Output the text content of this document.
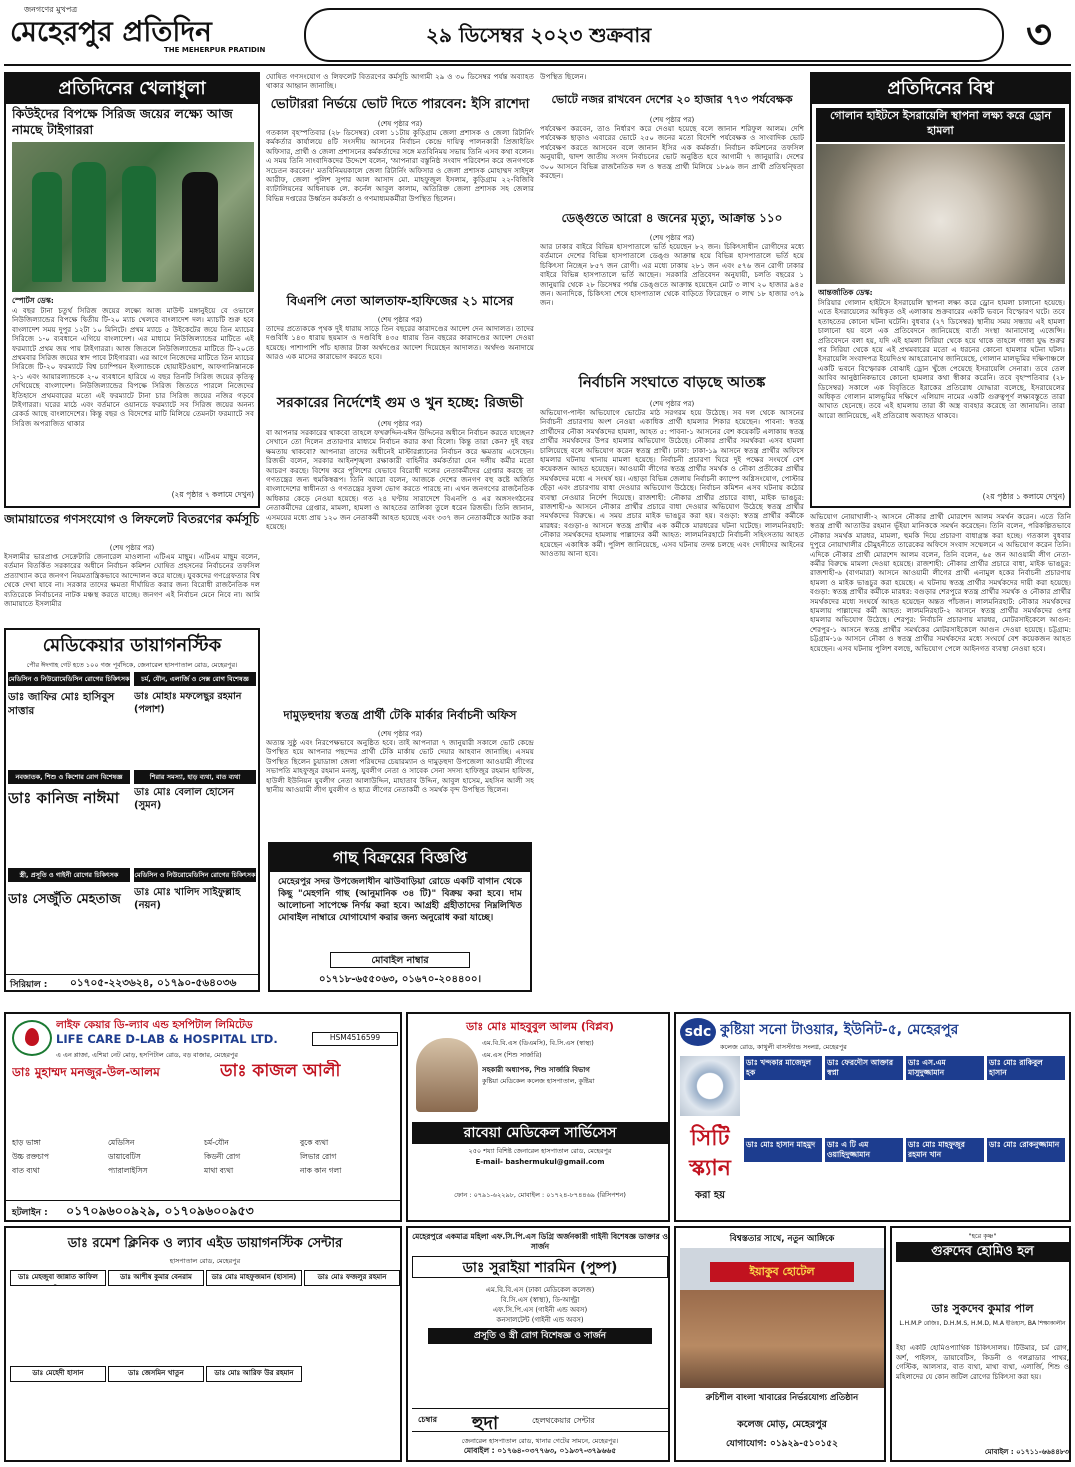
জনগণের মুখপত্র
মেহেরপুর প্রতিদিন
THE MEHERPUR PRATIDIN
২৯ ডিসেম্বর ২০২৩ শুক্রবার	৩
প্রতিদিনের খেলাধুলা
কিউইদের বিপক্ষে সিরিজ জয়ের লক্ষ্যে আজ নামছে টাইগাররা
স্পোর্টস ডেস্ক:
এ বছর টানা চতুর্থ সিরিজ জয়ের লক্ষ্যে আজ মাউন্ট মঙ্গানুইয়ে বে ওভালে নিউজিল্যান্ডের বিপক্ষে দ্বিতীয় টি-২০ ম্যাচ খেলবে বাংলাদেশ দল। ম্যাচটি শুরু হবে বাংলাদেশ সময় দুপুর ১২টা ১০ মিনিটে। প্রথম ম্যাচে ৫ উইকেটের জয়ে তিন ম্যাচের সিরিজে ১-০ ব্যবধানে এগিয়ে বাংলাদেশ। এর মাধ্যমে নিউজিল্যান্ডের মাটিতে এই ফরম্যাটে প্রথম জয় পায় টাইগাররা। আজ জিতলে নিউজিল্যান্ডের মাটিতে টি-২০তে প্রথমবার সিরিজ জয়ের স্বাদ পাবে টাইগাররা। এর আগে নিজেদের মাটিতে তিন ম্যাচের সিরিজে টি-২০ ফরম্যাটে বিশ্ব চ্যাম্পিয়ন ইংল্যান্ডকে হোয়াইটওয়াশ, আফগানিস্তানকে ২-১ এবং আয়ারল্যান্ডকে ২-০ ব্যবধানে হারিয়ে এ বছর তিনটি সিরিজ জয়ের কৃতিত্ব দেখিয়েছে বাংলাদেশ। নিউজিল্যান্ডের বিপক্ষে সিরিজ জিততে পারলে নিজেদের ইতিহাসে প্রথমবারের মতো এই ফরম্যাটে টানা চার সিরিজ জয়ের নজির গড়বে টাইগাররা। ঘরের মাঠে এবং বর্তমানে ওয়ানডে ফরম্যাটে সব সিরিজ জয়ের অনন্য রেকর্ড আছে বাংলাদেশের। কিন্তু বছর ও বিদেশের মাটি মিলিয়ে তেমনটা ফরম্যাটে সব সিরিজ অপরাজিত থাকার
(২য় পৃষ্ঠার ৭ কলামে দেখুন)
জামায়াতের গণসংযোগ ও লিফলেট বিতরণের কর্মসূচি
(শেষ পৃষ্ঠার পর)
ইসলামীর ভারপ্রাপ্ত সেক্রেটারি জেনারেল মাওলানা এটিএম মাছুম। এটিএম মাছুম বলেন, বর্তমান বিতর্কিত সরকারের অধীনে নির্বাচন কমিশন ঘোষিত প্রহসনের নির্বাচনের তফসিল প্রত্যাখ্যান করে জনগণ নিয়মতান্ত্রিকভাবে আন্দোলন করে যাচ্ছে। যুবকদের গণগ্রেফতার বিশ্ব থেকে দেখা যাবে না। সরকার তাদের ক্ষমতা দীর্ঘায়িত করার জন্য বিরোধী রাজনৈতিক দল ব্যতিরেকে নির্বাচনের নাটক মঞ্চস্থ করতে যাচ্ছে। জনগণ এই নির্বাচন মেনে নিবে না। আমি জামায়াতে ইসলামীর
মেডিকেয়ার ডায়াগনস্টিক
পৌর ঈদগাহ গেট হতে ১০০ গজ পূর্বদিকে, জেনারেল হাসপাতাল রোড, মেহেরপুর।
মেডিসিন ও নিউরোমেডিসিন রোগের চিকিৎসক	চর্ম, যৌন, এলার্জি ও সেক্স রোগ বিশেষজ্ঞ
ডাঃ জাফির মোঃ হাসিবুস সাত্তার
ডাঃ মোহাঃ মফলেছুর রহমান (পলাশ)
নবজাতক, শিশু ও কিশোর রোগ বিশেষজ্ঞ	শিরার সমস্যা, হাড় ব্যথা, বাত ব্যথা
ডাঃ কানিজ নাঈমা	ডাঃ মোঃ বেলাল হোসেন (সুমন)
স্ত্রী, প্রসূতি ও গাইনী রোগের চিকিৎসক	মেডিসিন ও নিউরোমেডিসিন রোগের চিকিৎসক
ডাঃ সেজুঁতি মেহতাজ	ডাঃ মোঃ খালিদ সাইফুল্লাহ (নয়ন)
সিরিয়াল : ০১৭০৫-২২৩৬২৪, ০১৭৯০-৫৬৪০৩৬
ঘোষিত গণসংযোগ ও লিফলেট বিতরণের কর্মসূচি আগামী ২৯ ও ৩০ ডিসেম্বর পর্যন্ত অব্যাহত থাকার আহ্বান জানাচ্ছি।
ভোটাররা নির্ভয়ে ভোট দিতে পারবেন: ইসি রাশেদা
(শেষ পৃষ্ঠার পর)
গতকাল বৃহস্পতিবার (২৮ ডিসেম্বর) বেলা ১১টায় কুড়িগ্রাম জেলা প্রশাসক ও জেলা রিটার্নিং কর্মকর্তার কার্যালয়ে ৪টি সংসদীয় আসনের নির্বাচন কেন্দ্রে দায়িত্ব পালনকারী প্রিজাইডিং অফিসার, প্রার্থী ও জেলা প্রশাসনের কর্মকর্তাদের সঙ্গে মতবিনিময় সভায় তিনি এসব কথা বলেন। এ সময় তিনি সাংবাদিকদের উদ্দেশে বলেন, 'আপনারা বস্তুনিষ্ঠ সংবাদ পরিবেশন করে জনগণকে সচেতন করবেন।' মতবিনিময়কালে জেলা রিটার্নিং অফিসার ও জেলা প্রশাসক মোহাম্মদ সাইদুল আরীফ, জেলা পুলিশ সুপার আল আসাদ মো. মাহফুজুল ইসলাম, কুড়িগ্রাম ২২-বিজিবি ব্যাটালিয়নের অধিনায়ক লে. কর্নেল আবুল কালাম, অতিরিক্ত জেলা প্রশাসক সহ জেলার বিভিন্ন দপ্তরের উর্ধ্বতন কর্মকর্তা ও গণমাধ্যমকর্মীরা উপস্থিত ছিলেন।
বিএনপি নেতা আলতাফ-হাফিজের ২১ মাসের
(শেষ পৃষ্ঠার পর)
তাদের প্রত্যেককে পৃথক দুই ধারায় সাড়ে তিন বছরের কারাদণ্ডের আদেশ দেন আদালত। তাদের দণ্ডবিধি ১৪৩ ধারায় ছয়মাস ও দণ্ডবিধি ৪৩৫ ধারায় তিন বছরের কারাদণ্ডের আদেশ দেওয়া হয়েছে। পাশাপাশি পাঁচ হাজার টাকা অর্থদণ্ডের আদেশ দিয়েছেন আদালত। অর্থদণ্ড অনাদায়ে আরও এক মাসের কারাভোগ করতে হবে।
সরকারের নির্দেশেই গুম ও খুন হচ্ছে: রিজভী
(শেষ পৃষ্ঠার পর)
বা আপনার সরকারের থাকবো তাহলে ফখরুদ্দিন-মঈন উদ্দিনের অধীনে নির্বাচন করতে যাচ্ছেন? সেখানে তো দিলেন প্রতারণার মাধ্যমে নির্বাচন করার কথা বিলো। কিন্তু তারা কেন? দুই বছর ক্ষমতায় থাকবো? আপনারা তাদের অধীনেই মাস্টারপ্ল্যানের নির্বাচন করে ক্ষমতায় এসেছেন। রিজভী বলেন, সরকার আইনশৃঙ্খলা রক্ষাকারী বাহিনীর কর্মকর্তারা যেন দলীয় কর্মীর মতো আচরণ করছে। বিশেষ করে পুলিশের যেভাবে বিরোধী দলের নেতাকর্মীদের গ্রেপ্তার করছে তা গণতন্ত্রের জন্য হুমকিস্বরূপ। তিনি আরো বলেন, আজকে দেশের জনগণ বহু কষ্টে অর্জিত বাংলাদেশের স্বাধীনতা ও গণতন্ত্রের সুফল ভোগ করতে পারছে না। এখন জনগণের রাজনৈতিক অধিকার কেড়ে নেওয়া হয়েছে। গত ২৪ ঘণ্টায় সারাদেশে বিএনপি ও এর অঙ্গসংগঠনের নেতাকর্মীদের গ্রেপ্তার, মামলা, হামলা ও আহতের তালিকা তুলে ধরেন রিজভী। তিনি জানান, এসময়ের মধ্যে প্রায় ১২০ জন নেতাকর্মী আহত হয়েছে এবং ৩৩৭ জন নেতাকর্মীকে আটক করা হয়েছে।
দামুড়হুদায় স্বতন্ত্র প্রার্থী টেকি মার্কার নির্বাচনী অফিস
(শেষ পৃষ্ঠার পর)
অত্যন্ত সুষ্ঠু এবং নিরপেক্ষভাবে অনুষ্ঠিত হবে। তাই আপনারা ৭ জানুয়ারী সকালে ভোট কেন্দ্রে উপস্থিত হয়ে আপনার পছন্দের প্রার্থী টেকি মার্কায় ভোট দেয়ার আহবান জানাচ্ছি। এসময় উপস্থিত ছিলেন চুয়াডাঙ্গা জেলা পরিষদের চেয়ারম্যান ও দামুড়হুদা উপজেলা আওয়ামী লীগের সভাপতি মাহফুজুর রহমান মনজু, যুবলীগ নেতা ও সাবেক সেনা সদস্য হাফিজুর রহমান হাফিজ, হাউলী ইউনিয়ন যুবলীগ নেতা আলাউদ্দিন, মাহাতাব উদ্দিন, আবুল হাসেম, মহসিন আলী সহ স্থানীয় আওয়ামী লীগ যুবলীগ ও ছাত্র লীগের নেতাকর্মী ও সমর্থক বৃন্দ উপস্থিত ছিলেন।
গাছ বিক্রয়ের বিজ্ঞপ্তি
মেহেরপুর সদর উপজেলাধীন ঝাউবাড়িয়া রোডে একটি বাগান থেকে কিছু "মেহগনি গাছ (আনুমানিক ৩৪ টি)" বিক্রয় করা হবে। দাম আলোচনা সাপেক্ষে নির্ণয় করা হবে। আগ্রহী গ্রহীতাদের নিম্নলিখিত মোবাইল নাম্বারে যোগাযোগ করার জন্য অনুরোধ করা যাচ্ছে।
মোবাইল নাম্বার
০১৭১৮-৬৫৫০৬৩, ০১৬৭০-২০৪৪০০।
উপস্থিত ছিলেন।
ভোটে নজর রাখবেন দেশের ২০ হাজার ৭৭৩ পর্যবেক্ষক
(শেষ পৃষ্ঠার পর)
পর্যবেক্ষণ করবেন, তাও নির্ধারণ করে দেওয়া হয়েছে বলে জানান শরিফুল আলম। দেশি পর্যবেক্ষক ছাড়াও এবারের ভোটে ২৫০ জনের মতো বিদেশি পর্যবেক্ষক ও সাংবাদিক ভোট পর্যবেক্ষণ করতে আসবেন বলে জানান ইসির এক কর্মকর্তা। নির্বাচন কমিশনের তফসিল অনুযায়ী, দ্বাদশ জাতীয় সংসদ নির্বাচনের ভোট অনুষ্ঠিত হবে আগামী ৭ জানুয়ারি। দেশের ৩০০ আসনে বিভিন্ন রাজনৈতিক দল ও স্বতন্ত্র প্রার্থী মিলিয়ে ১৮৯৬ জন প্রার্থী প্রতিদ্বন্দ্বিতা করছেন।
ডেঙ্গুতে আরো ৪ জনের মৃত্যু, আক্রান্ত ১১০
(শেষ পৃষ্ঠার পর)
আর ঢাকার বাইরে বিভিন্ন হাসপাতালে ভর্তি হয়েছেন ৮২ জন। চিকিৎসাধীন রোগীদের মধ্যে বর্তমানে দেশের বিভিন্ন হাসপাতালে ডেঙ্গু আক্রান্ত হয়ে বিভিন্ন হাসপাতালে ভর্তি হয়ে চিকিৎসা নিচ্ছেন ৮৫৭ জন রোগী। এর মধ্যে ঢাকায় ২৮১ জন এবং ৫৭৬ জন রোগী ঢাকার বাইরে বিভিন্ন হাসপাতালে ভর্তি আছেন। সরকারি প্রতিবেদন অনুযায়ী, চলতি বছরের ১ জানুয়ারি থেকে ২৮ ডিসেম্বর পর্যন্ত ডেঙ্গুতে আক্রান্ত হয়েছেন মোট ৩ লাখ ২০ হাজার ৯৪৫ জন। অন্যদিকে, চিকিৎসা শেষে হাসপাতাল থেকে বাড়িতে ফিরেছেন ৩ লাখ ১৮ হাজার ৩৭৯ জন।
নির্বাচনি সংঘাতে বাড়ছে আতঙ্ক
(শেষ পৃষ্ঠার পর)
অভিযোগ-পাল্টা অভিযোগে ভোটের মাঠ সরগরম হয়ে উঠেছে। সব দল থেকে আসনের নির্বাচনী প্রচারণায় অংশ নেওয়া একাধিক প্রার্থী হামলার শিকার হয়েছেন। পাবনা: স্বতন্ত্র প্রার্থীদের নৌকা সমর্থকদের হামলা, আহত ৫: পাবনা-১ আসনের বেশ কয়েকটি এলাকায় স্বতন্ত্র প্রার্থীর সমর্থকদের উপর হামলার অভিযোগ উঠেছে। নৌকার প্রার্থীর সমর্থকরা এসব হামলা চালিয়েছে বলে অভিযোগ করেন স্বতন্ত্র প্রার্থী। ঢাকা: ঢাকা-১৯ আসনে স্বতন্ত্র প্রার্থীর অফিসে হামলার ঘটনায় থানায় মামলা হয়েছে। নির্বাচনী প্রচারণা ঘিরে দুই পক্ষের সংঘর্ষে বেশ কয়েকজন আহত হয়েছেন। আওয়ামী লীগের স্বতন্ত্র প্রার্থীর সমর্থক ও নৌকা প্রতীকের প্রার্থীর সমর্থকদের মধ্যে এ সংঘর্ষ হয়। এছাড়া বিভিন্ন জেলায় নির্বাচনী ক্যাম্পে অগ্নিসংযোগ, পোস্টার ছেঁড়া এবং প্রচারণায় বাধা দেওয়ার অভিযোগ উঠেছে। নির্বাচন কমিশন এসব ঘটনায় কঠোর ব্যবস্থা নেওয়ার নির্দেশ দিয়েছে। রাজশাহী: নৌকার প্রার্থীর প্রচারে বাধা, মাইক ভাঙচুর: রাজশাহী-৬ আসনে নৌকার প্রার্থীর প্রচারে বাধা দেওয়ার অভিযোগ উঠেছে স্বতন্ত্র প্রার্থীর সমর্থকদের বিরুদ্ধে। এ সময় প্রচার মাইক ভাঙচুর করা হয়। বগুড়া: স্বতন্ত্র প্রার্থীর কর্মীকে মারধর: বগুড়া-৪ আসনে স্বতন্ত্র প্রার্থীর এক কর্মীকে মারধরের ঘটনা ঘটেছে। লালমনিরহাট: নৌকার সমর্থকদের হামলায় পাল্লাদের কর্মী আহত: লালমনিরহাটে নির্বাচনী সহিংসতায় আহত হয়েছেন একাধিক কর্মী। পুলিশ জানিয়েছে, এসব ঘটনায় তদন্ত চলছে এবং দোষীদের আইনের আওতায় আনা হবে।
প্রতিদিনের বিশ্ব
গোলান হাইটসে ইসরায়েলি স্থাপনা লক্ষ্য করে ড্রোন হামলা
আন্তর্জাতিক ডেস্ক:
সিরিয়ার গোলান হাইটসে ইসরায়েলি স্থাপনা লক্ষ্য করে ড্রোন হামলা চালানো হয়েছে। এতে ইসরায়েলের অধিকৃত ওই এলাকায় শুক্রবারের একটি ভবনে বিস্ফোরণ ঘটে। তবে হতাহতের কোনো ঘটনা ঘটেনি। বুধবার (২৭ ডিসেম্বর) স্থানীয় সময় সন্ধ্যায় এই হামলা চালানো হয় বলে এক প্রতিবেদনে জানিয়েছে বার্তা সংস্থা আনাদোলু এজেন্সি। প্রতিবেদনে বলা হয়, যদি এই হামলা সিরিয়া থেকে হয়ে থাকে তাহলে গাজা যুদ্ধ শুরুর পর সিরিয়া থেকে হয়ে এই প্রথমবারের মতো এ ধরনের কোনো হামলার ঘটনা ঘটল। ইসরায়েলি সংবাদপত্র ইয়েদিওথ আহরোনোথ জানিয়েছে, গোলান মালভূমির দক্ষিণাঞ্চলে একটি ভবনে বিস্ফোরক বোঝাই ড্রোন খুঁজে পেয়েছে ইসরায়েলি সেনারা। তবে তেল আবিব আনুষ্ঠানিকভাবে কোনো হামলার কথা স্বীকার করেনি। তবে বৃহস্পতিবার (২৮ ডিসেম্বর) সকালে এক বিবৃতিতে ইরাকের প্রতিরোধ যোদ্ধারা বলেছে, ইসরায়েলের অধিকৃত গোলান মালভূমির দক্ষিণে এলিয়াদ নামের একটি গুরুত্বপূর্ণ লক্ষ্যবস্তুতে তারা আঘাত হেনেছে। তবে এই হামলায় তারা কী অস্ত্র ব্যবহার করেছে তা জানায়নি। তারা আরো জানিয়েছে, এই প্রতিরোধ অব্যাহত থাকবে।
(২য় পৃষ্ঠার ১ কলামে দেখুন)
অভিযোগ নোয়াখালী-২ আসনে নৌকার প্রার্থী মোরশেদ আলম সমর্থন করেন। এতে তিনি স্বতন্ত্র প্রার্থী আতাউর রহমান ভূঁইয়া মানিককে সমর্থন করেছেন। তিনি বলেন, পরিকল্পিতভাবে নৌকার সমর্থক মারধর, মামলা, হুমকি দিয়ে প্রচারণা বাধাগ্রস্ত করা হচ্ছে। গতকাল বুধবার দুপুরে নোয়াখালীর চৌমুহনীতে তারেকের অফিসে সংবাদ সম্মেলনে এ অভিযোগ করেন তিনি। এদিকে নৌকার প্রার্থী মোরশেদ আলম বলেন, তিনি বলেন, ৬৫ জন আওয়ামী লীগ নেতা-কর্মীর বিরুদ্ধে মামলা দেওয়া হয়েছে। রাজশাহী: নৌকার প্রার্থীর প্রচারে বাধা, মাইক ভাঙচুর: রাজশাহী-৬ (বাগমারা) আসনে আওয়ামী লীগের প্রার্থী এনামুল হকের নির্বাচনী প্রচারণায় হামলা ও মাইক ভাঙচুর করা হয়েছে। এ ঘটনায় স্বতন্ত্র প্রার্থীর সমর্থকদের দায়ী করা হয়েছে। বগুড়া: স্বতন্ত্র প্রার্থীর কর্মীকে মারধর: বগুড়ার শেরপুরে স্বতন্ত্র প্রার্থীর সমর্থক ও নৌকার প্রার্থীর সমর্থকদের মধ্যে সংঘর্ষে আহত হয়েছেন অন্তত পাঁচজন। লালমনিরহাট: নৌকার সমর্থকদের হামলায় পাল্লাদের কর্মী আহত: লালমনিরহাট-২ আসনে স্বতন্ত্র প্রার্থীর সমর্থকদের ওপর হামলার অভিযোগ উঠেছে। শেরপুর: নির্বাচনি প্রচারণায় মারধর, মোটরসাইকেলে আগুন: শেরপুর-১ আসনে স্বতন্ত্র প্রার্থীর সমর্থকের মোটরসাইকেলে আগুন দেওয়া হয়েছে। চট্টগ্রাম: চট্টগ্রাম-১৬ আসনে নৌকা ও স্বতন্ত্র প্রার্থীর সমর্থকদের মধ্যে সংঘর্ষে বেশ কয়েকজন আহত হয়েছেন। এসব ঘটনায় পুলিশ বলছে, অভিযোগ পেলে আইনগত ব্যবস্থা নেওয়া হবে।
লাইফ কেয়ার ডি-ল্যাব এন্ড হসপিটাল লিমিটেড
LIFE CARE D-LAB & HOSPITAL LTD.	HSM4516599
এ এন প্লাজা, এশিয়া নেট মোড়, হসপিটাল রোড, বড় বাজার, মেহেরপুর
ডাঃ মুহাম্মদ মনজুর-উল-আলম	ডাঃ কাজল আলী
হাড় ভাঙ্গা	মেডিসিন	চর্ম-যৌন	বুকে ব্যথা
উচ্চ রক্তচাপ	ডায়াবেটিস	কিডনী রোগ	লিভার রোগ
বাত ব্যথা	প্যারালাইসিস	মাথা ব্যথা	নাক কান গলা
হটলাইন : ০১৭০৯৬০০৯২৯, ০১৭০৯৬০০৯৫৩
ডাঃ মোঃ মাহবুবুল আলম (বিপ্লব)
এম.বি.বি.এস (ডিএমসি), বি.সি.এস (স্বাস্থ্য)
এম.এস (শিশু সার্জারি)
সহকারী অধ্যাপক, শিশু সার্জারি বিভাগ
কুষ্টিয়া মেডিকেল কলেজ হাসপাতাল, কুষ্টিয়া
রাবেয়া মেডিকেল সার্ভিসেস
২৫০ শয্যা বিশিষ্ট জেনারেল হাসপাতাল রোড, মেহেরপুর
E-mail- bashermukul@gmail.com
ফোন : ০৭৯১-৬২২৯৮, মোবাইল : ০১৭২৪-৮৭৪৪৬৯ (রিসিপশন)
sdc কুষ্টিয়া সনো টাওয়ার, ইউনিট-৫, মেহেরপুর
কলেজ রোড, কাথুলী বাসস্ট্যান্ড সংলগ্ন, মেহেরপুর
সিটি স্ক্যান
করা হয়
ডাঃ খন্দকার মাজেদুল হক
ডাঃ ফেরদৌস আক্তার স্বপ্না
ডাঃ এস.এম মাসুদুজ্জামান
ডাঃ মোঃ রাকিবুল হাসান
ডাঃ মোঃ হাসান মাহমুদ	ডাঃ এ টি এম ওয়াহিদুজ্জামান
ডাঃ মোঃ মাহফুজুর রহমান খান
ডাঃ মোঃ রোকনুজ্জামান
ডাঃ রমেশ ক্লিনিক ও ল্যাব এইড ডায়াগনস্টিক সেন্টার
হাসপাতাল রোড, মেহেরপুর
ডাঃ মেহজুবা জান্নাত কাফিল	ডাঃ আশীষ কুমার বেনরাম	ডাঃ মোঃ মাহফুজমান (হাসান)	ডাঃ মোঃ ফজলুর রহমান
ডাঃ মেহেদী হাসান	ডাঃ জেসমিন খাতুন	ডাঃ মোঃ আরিফ উর রহমান
মেহেরপুরে একমাত্র মহিলা এফ.সি.পি.এস ডিগ্রি অর্জনকারী গাইনী বিশেষজ্ঞ ডাক্তার ও সার্জন
ডাঃ সুরাইয়া শারমিন (পুষ্প)
এম.বি.বি.এস (ঢাকা মেডিকেল কলেজ)
বি.সি.এস (স্বাস্থ্য), ডি-আল্ট্রা
এফ.সি.পি.এস (গাইনী এন্ড অবস)
কনসালটেন্ট (গাইনী এন্ড অবস)
প্রসূতি ও স্ত্রী রোগ বিশেষজ্ঞ ও সার্জন
চেম্বার হুদা	হেলথকেয়ার সেন্টার
জেনারেল হাসপাতাল রোড, থানার গেটের সামনে, মেহেরপুর।
মোবাইল : ০১৭৬৪-০৩৭৭৬৩, ০১৯৩৭-৩৭৯৬৬৫
বিশ্বস্ততার সাথে, নতুন আঙ্গিকে
ইয়াকুব হোটেল
রুচিশীল বাংলা খাবারের নির্ভরযোগ্য প্রতিষ্ঠান
কলেজ মোড়, মেহেরপুর
যোগাযোগ: ০১৯২৯-৫১০১৫২
"হরে কৃষ্ণ"
গুরুদেব হোমিও হল
ডাঃ সুকদেব কুমার পাল
L.H.M.P রেজিঃ, D.H.M.S, H.M.D, M.A ইতিহাস, BA শিক্ষাকালীন
ইহা একটি হোমিওপ্যাথিক চিকিৎসালয়। টিউমার, চর্ম রোগ, অর্শ, পাইলস, ডায়াবেটিস, কিডনী ও গলব্লাডার পাথর, গেস্টিক, আলসার, বাত ব্যথা, মাথা ব্যথা, এলার্জি, শিশু ও মহিলাদের যে কোন জটিল রোগের চিকিৎসা করা হয়।
মোবাইল : ০১৭১১-৬৬৪৪৮৩
